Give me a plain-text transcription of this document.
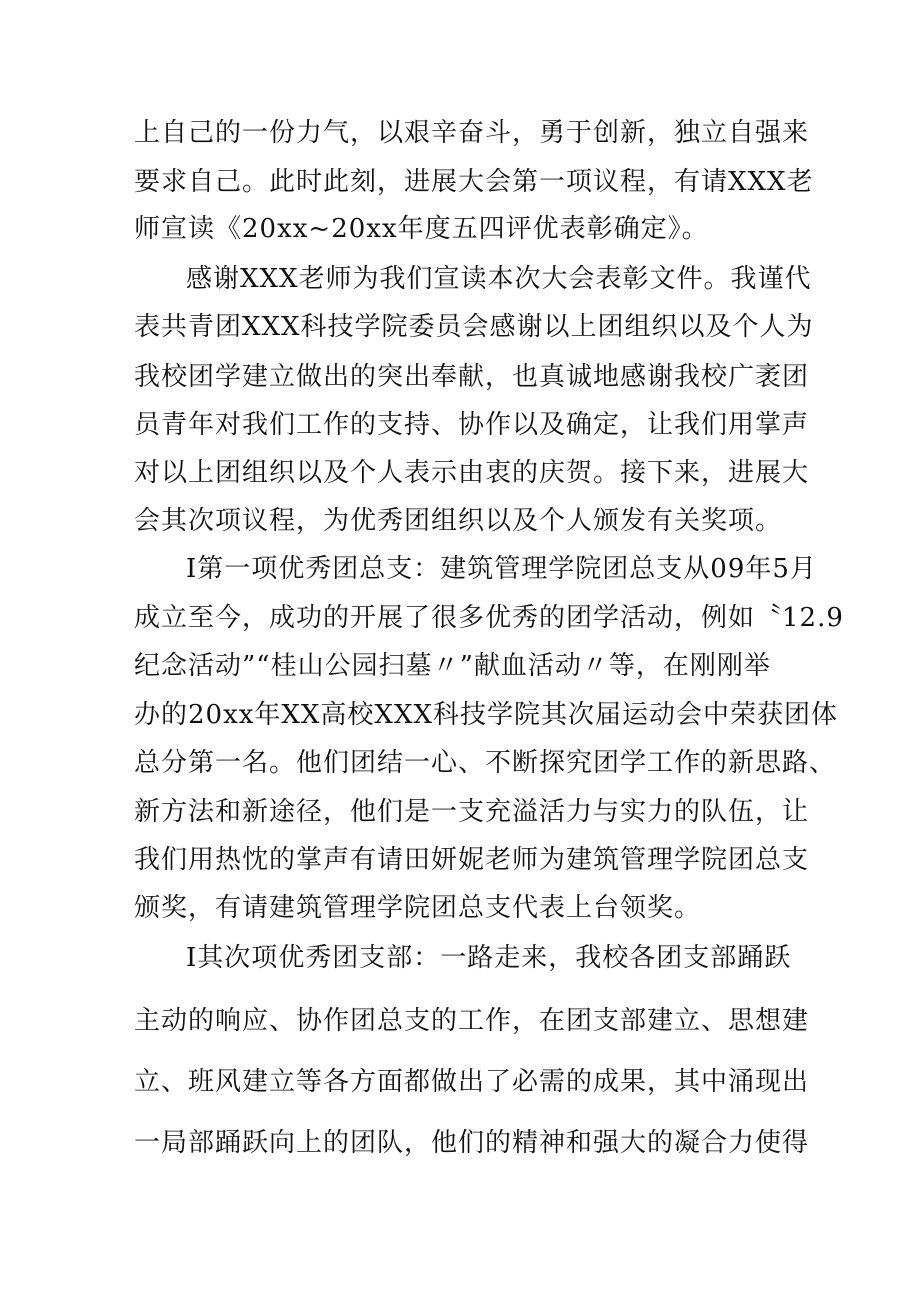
上自己的一份力气，以艰辛奋斗，勇于创新，独立自强来
要求自己。此时此刻，进展大会第一项议程，有请XXX老
师宣读《20xx~20xx年度五四评优表彰确定》。
感谢XXX老师为我们宣读本次大会表彰文件。我谨代
表共青团XXX科技学院委员会感谢以上团组织以及个人为
我校团学建立做出的突出奉献，也真诚地感谢我校广袤团
员青年对我们工作的支持、协作以及确定，让我们用掌声
对以上团组织以及个人表示由衷的庆贺。接下来，进展大
会其次项议程，为优秀团组织以及个人颁发有关奖项。
I第一项优秀团总支：建筑管理学院团总支从09年5月
成立至今，成功的开展了很多优秀的团学活动，例如〝12.9
纪念活动”“桂山公园扫墓〃”献血活动〃等，在刚刚举
办的20xx年XX高校XXX科技学院其次届运动会中荣获团体
总分第一名。他们团结一心、不断探究团学工作的新思路、
新方法和新途径，他们是一支充溢活力与实力的队伍，让
我们用热忱的掌声有请田妍妮老师为建筑管理学院团总支
颁奖，有请建筑管理学院团总支代表上台领奖。
I其次项优秀团支部：一路走来，我校各团支部踊跃
主动的响应、协作团总支的工作，在团支部建立、思想建
立、班风建立等各方面都做出了必需的成果，其中涌现出
一局部踊跃向上的团队，他们的精神和强大的凝合力使得
